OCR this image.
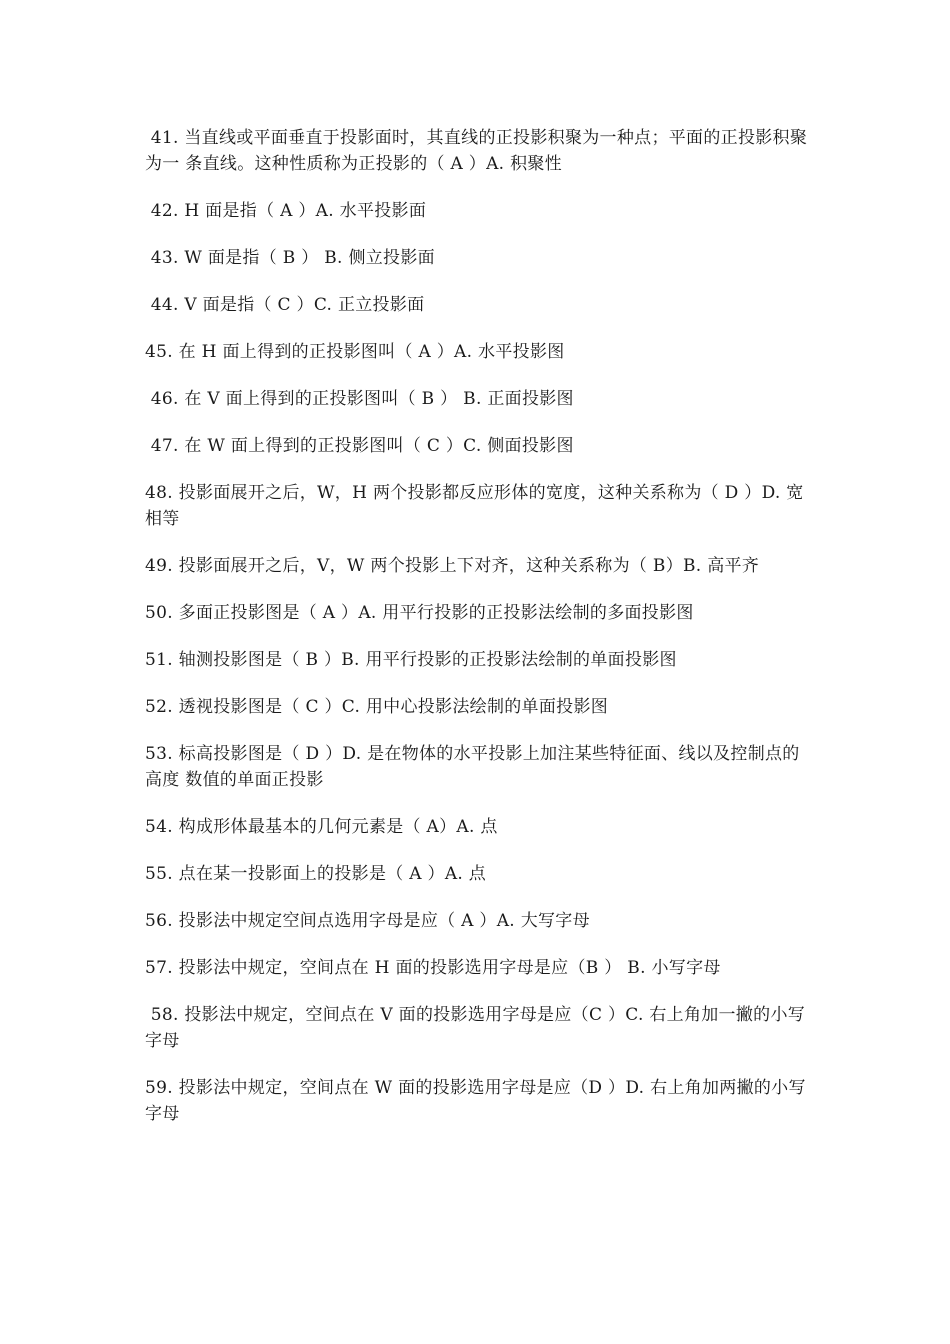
41. 当直线或平面垂直于投影面时，其直线的正投影积聚为一种点；平面的正投影积聚为一 条直线。这种性质称为正投影的（ A ）A. 积聚性

42. H 面是指（ A ）A. 水平投影面

43. W 面是指（ B ） B. 侧立投影面

44. V 面是指（ C ）C. 正立投影面

45. 在 H 面上得到的正投影图叫（ A ）A. 水平投影图

46. 在 V 面上得到的正投影图叫（ B ） B. 正面投影图

47. 在 W 面上得到的正投影图叫（ C ）C. 侧面投影图

48. 投影面展开之后，W，H 两个投影都反应形体的宽度，这种关系称为（ D ）D. 宽相等

49. 投影面展开之后，V，W 两个投影上下对齐，这种关系称为（ B）B. 高平齐

50. 多面正投影图是（ A ）A. 用平行投影的正投影法绘制的多面投影图

51. 轴测投影图是（ B ）B. 用平行投影的正投影法绘制的单面投影图

52. 透视投影图是（ C ）C. 用中心投影法绘制的单面投影图

53. 标高投影图是（ D ）D. 是在物体的水平投影上加注某些特征面、线以及控制点的高度 数值的单面正投影

54. 构成形体最基本的几何元素是（ A）A. 点

55. 点在某一投影面上的投影是（ A ）A. 点

56. 投影法中规定空间点选用字母是应（ A ）A. 大写字母

57. 投影法中规定，空间点在 H 面的投影选用字母是应（B ） B. 小写字母

58. 投影法中规定，空间点在 V 面的投影选用字母是应（C ）C. 右上角加一撇的小写字母

59. 投影法中规定，空间点在 W 面的投影选用字母是应（D ）D. 右上角加两撇的小写字母
